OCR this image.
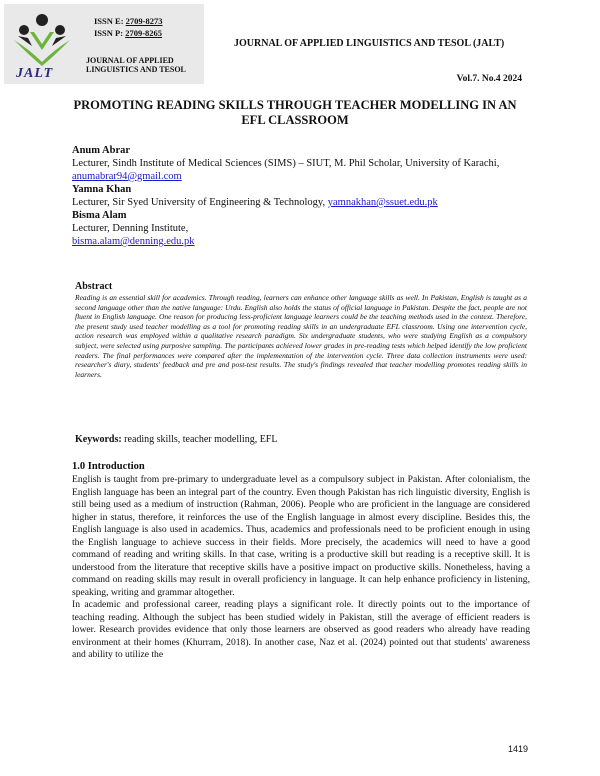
JALT
ISSN E: 2709-8273
ISSN P: 2709-8265
JOURNAL OF APPLIED LINGUISTICS AND TESOL
JOURNAL OF APPLIED LINGUISTICS AND TESOL (JALT)
Vol.7. No.4 2024
PROMOTING READING SKILLS THROUGH TEACHER MODELLING IN AN EFL CLASSROOM
Anum Abrar
Lecturer, Sindh Institute of Medical Sciences (SIMS) – SIUT, M. Phil Scholar, University of Karachi, anumabrar94@gmail.com
Yamna Khan
Lecturer, Sir Syed University of Engineering & Technology, yamnakhan@ssuet.edu.pk
Bisma Alam
Lecturer, Denning Institute,
bisma.alam@denning.edu.pk
Abstract
Reading is an essential skill for academics. Through reading, learners can enhance other language skills as well. In Pakistan, English is taught as a second language other than the native language: Urdu. English also holds the status of official language in Pakistan. Despite the fact, people are not fluent in English language. One reason for producing less-proficient language learners could be the teaching methods used in the context. Therefore, the present study used teacher modelling as a tool for promoting reading skills in an undergraduate EFL classroom. Using one intervention cycle, action research was employed within a qualitative research paradigm. Six undergraduate students, who were studying English as a compulsory subject, were selected using purposive sampling. The participants achieved lower grades in pre-reading tests which helped identify the low proficient readers. The final performances were compared after the implementation of the intervention cycle. Three data collection instruments were used: researcher's diary, students' feedback and pre and post-test results. The study's findings revealed that teacher modelling promotes reading skills in learners.
Keywords: reading skills, teacher modelling, EFL
1.0 Introduction

English is taught from pre-primary to undergraduate level as a compulsory subject in Pakistan. After colonialism, the English language has been an integral part of the country. Even though Pakistan has rich linguistic diversity, English is still being used as a medium of instruction (Rahman, 2006). People who are proficient in the language are considered higher in status, therefore, it reinforces the use of the English language in almost every discipline. Besides this, the English language is also used in academics. Thus, academics and professionals need to be proficient enough in using the English language to achieve success in their fields. More precisely, the academics will need to have a good command of reading and writing skills. In that case, writing is a productive skill but reading is a receptive skill. It is understood from the literature that receptive skills have a positive impact on productive skills. Nonetheless, having a command on reading skills may result in overall proficiency in language. It can help enhance proficiency in listening, speaking, writing and grammar altogether.

In academic and professional career, reading plays a significant role. It directly points out to the importance of teaching reading. Although the subject has been studied widely in Pakistan, still the average of efficient readers is lower. Research provides evidence that only those learners are observed as good readers who already have reading environment at their homes (Khurram, 2018). In another case, Naz et al. (2024) pointed out that students' awareness and ability to utilize the

1419
